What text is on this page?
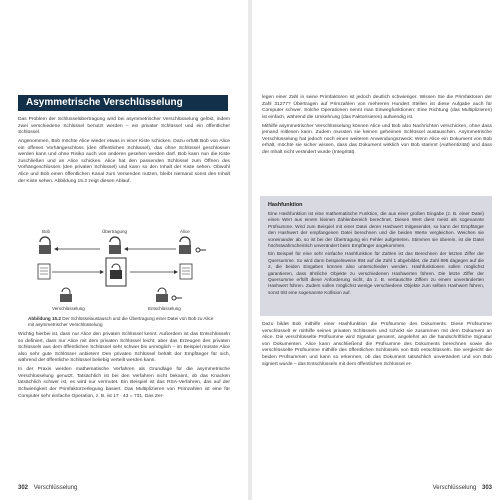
Asymmetrische Verschlüsselung

Das Problem der Schlüsselübertragung wird bei asymmetrischer Verschlüsselung gelöst, indem zwei verschiedene Schlüssel benutzt werden – ein privater Schlüssel und ein öffentlicher Schlüssel.

Angenommen, Bob möchte Alice wieder etwas in einer Kiste schicken. Dazu erhält Bob von Alice ein offenes Vorhängeschloss (den öffentlichen Schlüssel), das ohne Schlüssel geschlossen werden kann und ohne Risiko auch von anderen gesehen werden darf. Bob kann nun die Kiste zuschließen und an Alice schicken. Alice hat den passenden Schlüssel zum Öffnen des Vorhängeschlosses (den privaten Schlüssel) und kann so den Inhalt der Kiste sehen. Obwohl Alice und Bob einen öffentlichen Kanal zum Versenden nutzen, bleibt niemand sonst den Inhalt der Kiste sehen. Abbildung 15.2 zeigt diesen Ablauf.

Bob	Übertragung	Alice
Verschlüsselung	Entschlüsselung
Abbildung 15.2 Der Schlüsselaustausch und die Übertragung einer Datei von Bob zu Alice mit asymmetrischer Verschlüsselung

Wichtig hierbei ist, dass nur Alice den privaten Schlüssel kennt. Außerdem ist das Entschlüsseln so definiert, dass nur Alice mit dem privaten Schlüssel leicht, aber das Erzeugen des privaten Schlüssels aus dem öffentlichen Schlüssel sehr schwer bis unmöglich – im Beispiel müsste Alice also sehr gute Schlösser anbieten! Den privaten Schlüssel behält der Empfänger für sich, während der öffentliche Schlüssel beliebig verteilt werden kann.

In der Praxis werden mathematische Verfahren als Grundlage für die asymmetrische Verschlüsselung genutzt. Tatsächlich ist bei den Verfahren nicht bekannt, ob das Knacken tatsächlich schwer ist, es wird nur vermutet. Ein Beispiel ist das RSA-Verfahren, das auf der Schwierigkeit der Primfaktorzerlegung basiert. Das Multiplizieren von Primzahlen ist eine für Computer sehr einfache Operation, z. B. ist 17 · 43 = 731. Das Zer-

302 Verschlüsselung

legen einer Zahl in seine Primfaktoren ist jedoch deutlich schwieriger. Wissen Sie die Primfaktoren der Zahl 31277? Übertragen auf Primzahlen von mehreren Hundert Stellen ist diese Aufgabe auch für Computer schwer. Solche Operationen nennt man Einwegfunktionen: Eine Richtung (das Multiplizieren) ist einfach, während die Umkehrung (das Faktorisieren) aufwendig ist.

Mithilfe asymmetrischer Verschlüsselung können Alice und Bob also Nachrichten verschicken, ohne dass jemand mitlesen kann. Zudem mussten sie keinen geheimen Schlüssel austauschen. Asymmetrische Verschlüsselung hat jedoch noch einen weiteren Anwendungszweck: Wenn Alice ein Dokument von Bob erhält, möchte sie sicher wissen, dass das Dokument wirklich von Bob stammt (Authentizität) und dass der Inhalt nicht verändert wurde (Integrität).

Hashfunktion

Eine Hashfunktion ist eine mathematische Funktion, die aus einer großen Eingabe (z. B. einer Datei) einen Wert aus einem kleinen Zahlenbereich berechnet. Diesen Wert dient meist als sogenannte Prüfsumme. Wird zum Beispiel mit einer Datei deren Hashwert mitgesendet, so kann der Empfänger den Hashwert der empfangenen Datei berechnen und die beiden Werte vergleichen. Weichen sie voneinander ab, so ist bei der Übertragung ein Fehler aufgetreten. Stimmen sie überein, ist die Datei höchstwahrscheinlich unverändert beim Empfänger angekommen.

Ein Beispiel für eine sehr einfache Hashfunktion für Zahlen ist das Berechnen der letzten Ziffer der Quersumme. So wird dann beispielsweise 894 auf die Zahl 1 abgebildet, die Zahl 895 dagegen auf die 2, die beiden Eingaben können also unterschieden werden. Hashfunktionen sollen möglichst garantieren, dass ähnliche Objekte zu verschiedenen Hashwerten führen. Die letzte Ziffer der Quersumme erfüllt diese Anforderung nicht, da z. B. vertauschte Ziffern zu einem unveränderten Hashwert führen. Zudem sollen möglichst wenige verschiedene Objekte zum selben Hashwert führen, sonst tritt eine sogenannte Kollision auf.

Dazu bildet Bob mithilfe einer Hashfunktion die Prüfsumme des Dokuments. Diese Prüfsumme verschlüsselt er mithilfe seines privaten Schlüssels und schickt sie zusammen mit dem Dokument an Alice. Die verschlüsselte Prüfsumme wird Signatur genannt, angelehnt an die handschriftliche Signatur von Dokumenten. Alice kann anschließend die Prüfsumme des Dokuments berechnen sowie die verschlüsselte Prüfsumme mithilfe des öffentlichen Schlüssels von Bob entschlüsseln. Sie vergleicht die beiden Prüfsummen und kann so erkennen, ob das Dokument tatsächlich unverändert und von Bob signiert wurde – das Entschlüsseln mit dem öffentlichen Schlüssel er-

Verschlüsselung 303
